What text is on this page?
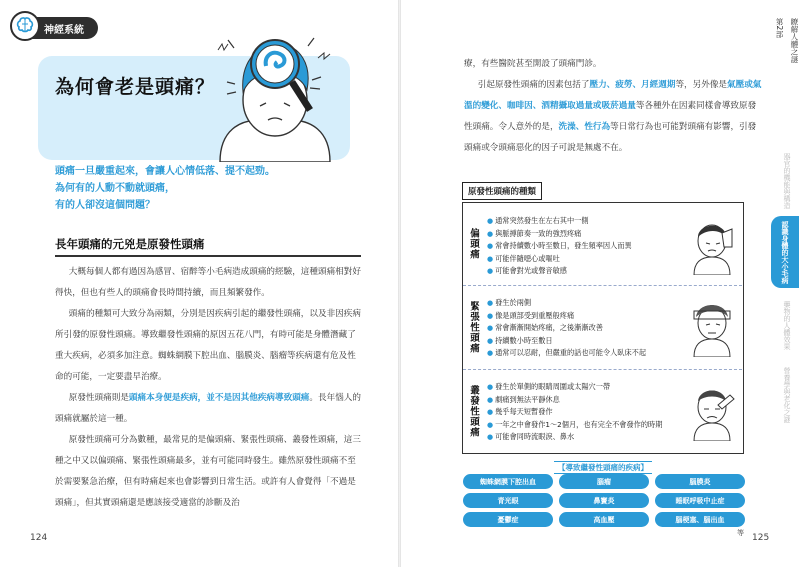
神經系統
為何會老是頭痛？
頭痛一旦嚴重起來，會讓人心情低落、提不起勁。
為何有的人動不動就頭痛，
有的人卻沒這個問題？
長年頭痛的元兇是原發性頭痛

大概每個人都有過因為感冒、宿醉等小毛病造成頭痛的經驗，這種頭痛相對好得快，但也有些人的頭痛會長時間持續，而且頻繁發作。

頭痛的種類可大致分為兩類，分別是因疾病引起的繼發性頭痛，以及非因疾病所引發的原發性頭痛。導致繼發性頭痛的原因五花八門，有時可能是身體潛藏了重大疾病，必須多加注意。蜘蛛網膜下腔出血、腦膜炎、腦瘤等疾病還有危及性命的可能，一定要盡早治療。

原發性頭痛則是頭痛本身便是疾病，並不是因其他疾病導致頭痛。長年惱人的頭痛就屬於這一種。

原發性頭痛可分為數種，最常見的是偏頭痛、緊張性頭痛、叢發性頭痛，這三種之中又以偏頭痛、緊張性頭痛最多，並有可能同時發生。雖然原發性頭痛不至於需要緊急治療，但有時痛起來也會影響到日常生活。或許有人會覺得「不過是頭痛」，但其實頭痛還是應該接受適當的診斷及治

124

療，有些醫院甚至開設了頭痛門診。

引起原發性頭痛的因素包括了壓力、疲勞、月經週期等，另外像是氣壓或氣溫的變化、咖啡因、酒精攝取過量或吸菸過量等各種外在因素同樣會導致原發性頭痛。令人意外的是，洗澡、性行為等日常行為也可能對頭痛有影響，引發頭痛或令頭痛惡化的因子可說是無處不在。

原發性頭痛的種類
偏頭痛
● 通常突然發生在左右其中一側
● 與脈搏節奏一致的強烈疼痛
● 常會持續數小時至數日，發生頻率因人而異
● 可能伴隨噁心或嘔吐
● 可能會對光或聲音敏感
緊張性頭痛	● 發生於兩側
● 像是頭部受到重壓般疼痛
● 常會漸漸開始疼痛，之後漸漸改善
● 持續數小時至數日
● 通常可以忍耐，但嚴重的話也可能令人臥床不起
叢發性頭痛	● 發生於單側的眼睛周圍或太陽穴一帶
● 劇痛到無法平靜休息
● 幾乎每天短暫發作
● 一年之中會發作1～2個月，也有完全不會發作的時期
● 可能會同時流眼淚、鼻水
【導致繼發性頭痛的疾病】
蜘蛛網膜下腔出血	腦瘤	腦膜炎
青光眼	鼻竇炎	睡眠呼吸中止症
憂鬱症	高血壓	腦梗塞、腦出血
等 125
第2部 瞭解人體之謎
器官的機能與構造
認識身體的大小毛病
藥物的人體效果
營養學與老化之謎
